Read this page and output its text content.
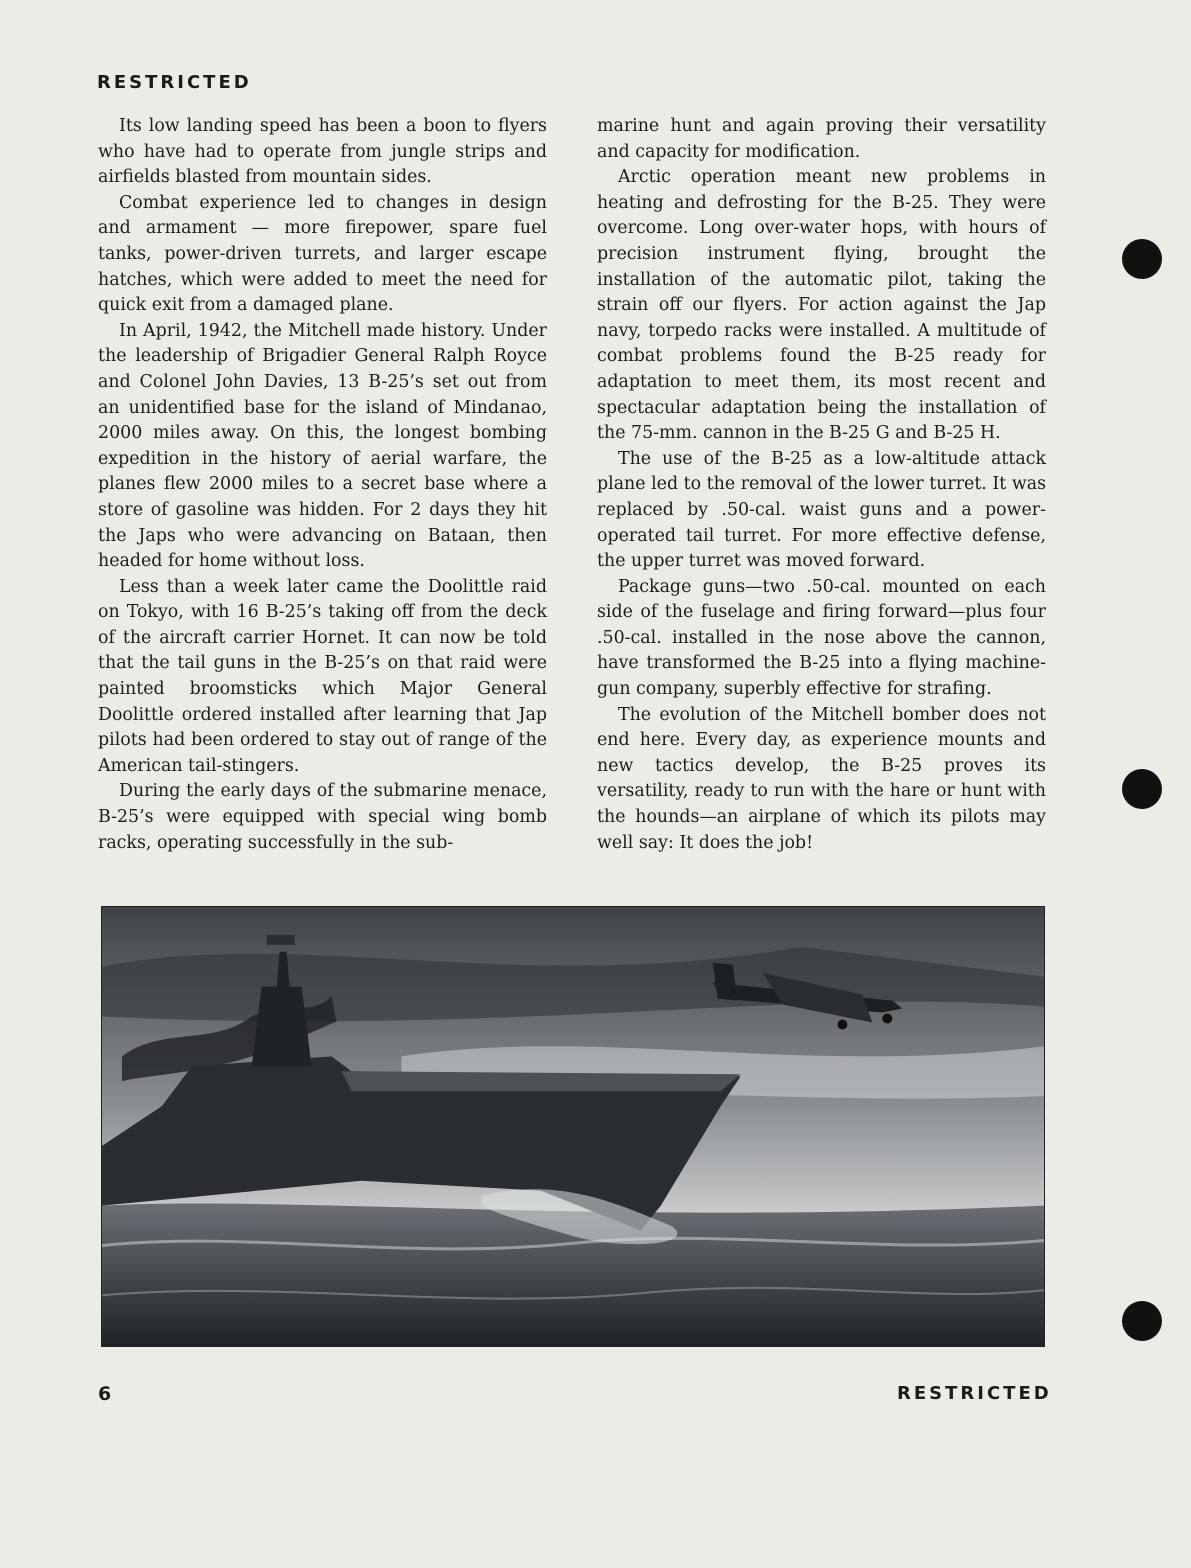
RESTRICTED

Its low landing speed has been a boon to flyers who have had to operate from jungle strips and airfields blasted from mountain sides.

Combat experience led to changes in design and armament — more firepower, spare fuel tanks, power-driven turrets, and larger escape hatches, which were added to meet the need for quick exit from a damaged plane.

In April, 1942, the Mitchell made history. Under the leadership of Brigadier General Ralph Royce and Colonel John Davies, 13 B-25’s set out from an unidentified base for the island of Mindanao, 2000 miles away. On this, the longest bombing expedition in the history of aerial warfare, the planes flew 2000 miles to a secret base where a store of gasoline was hidden. For 2 days they hit the Japs who were advancing on Bataan, then headed for home without loss.

Less than a week later came the Doolittle raid on Tokyo, with 16 B-25’s taking off from the deck of the aircraft carrier Hornet. It can now be told that the tail guns in the B-25’s on that raid were painted broomsticks which Major General Doolittle ordered installed after learning that Jap pilots had been ordered to stay out of range of the American tail-stingers.

During the early days of the submarine menace, B-25’s were equipped with special wing bomb racks, operating successfully in the sub-

marine hunt and again proving their versatility and capacity for modification.

Arctic operation meant new problems in heating and defrosting for the B-25. They were overcome. Long over-water hops, with hours of precision instrument flying, brought the installation of the automatic pilot, taking the strain off our flyers. For action against the Jap navy, torpedo racks were installed. A multitude of combat problems found the B-25 ready for adaptation to meet them, its most recent and spectacular adaptation being the installation of the 75-mm. cannon in the B-25 G and B-25 H.

The use of the B-25 as a low-altitude attack plane led to the removal of the lower turret. It was replaced by .50-cal. waist guns and a power-operated tail turret. For more effective defense, the upper turret was moved forward.

Package guns—two .50-cal. mounted on each side of the fuselage and firing forward—plus four .50-cal. installed in the nose above the cannon, have transformed the B-25 into a flying machine-gun company, superbly effective for strafing.

The evolution of the Mitchell bomber does not end here. Every day, as experience mounts and new tactics develop, the B-25 proves its versatility, ready to run with the hare or hunt with the hounds—an airplane of which its pilots may well say: It does the job!

6	RESTRICTED
